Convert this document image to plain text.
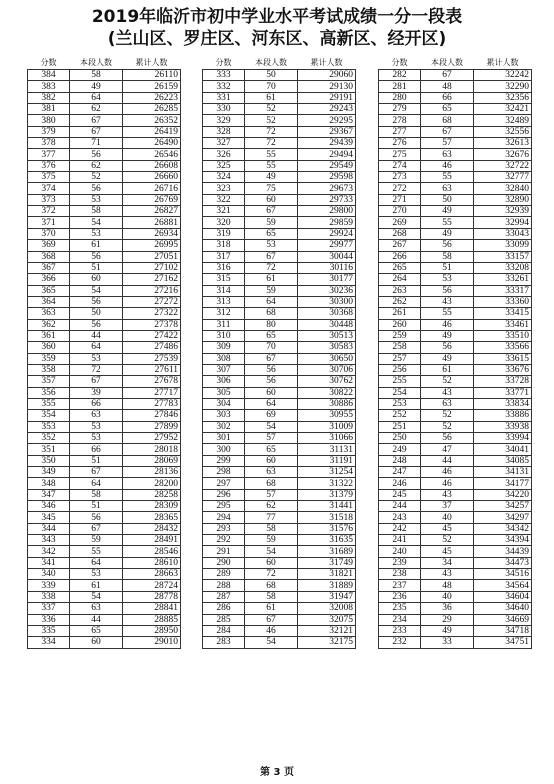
2019年临沂市初中学业水平考试成绩一分一段表
(兰山区、罗庄区、河东区、高新区、经开区)
分数	本段人数	累计人数
384	58	26110
383	49	26159
382	64	26223
381	62	26285
380	67	26352
379	67	26419
378	71	26490
377	56	26546
376	62	26608
375	52	26660
374	56	26716
373	53	26769
372	58	26827
371	54	26881
370	53	26934
369	61	26995
368	56	27051
367	51	27102
366	60	27162
365	54	27216
364	56	27272
363	50	27322
362	56	27378
361	44	27422
360	64	27486
359	53	27539
358	72	27611
357	67	27678
356	39	27717
355	66	27783
354	63	27846
353	53	27899
352	53	27952
351	66	28018
350	51	28069
349	67	28136
348	64	28200
347	58	28258
346	51	28309
345	56	28365
344	67	28432
343	59	28491
342	55	28546
341	64	28610
340	53	28663
339	61	28724
338	54	28778
337	63	28841
336	44	28885
335	65	28950
334	60	29010
分数	本段人数	累计人数
333	50	29060
332	70	29130
331	61	29191
330	52	29243
329	52	29295
328	72	29367
327	72	29439
326	55	29494
325	55	29549
324	49	29598
323	75	29673
322	60	29733
321	67	29800
320	59	29859
319	65	29924
318	53	29977
317	67	30044
316	72	30116
315	61	30177
314	59	30236
313	64	30300
312	68	30368
311	80	30448
310	65	30513
309	70	30583
308	67	30650
307	56	30706
306	56	30762
305	60	30822
304	64	30886
303	69	30955
302	54	31009
301	57	31066
300	65	31131
299	60	31191
298	63	31254
297	68	31322
296	57	31379
295	62	31441
294	77	31518
293	58	31576
292	59	31635
291	54	31689
290	60	31749
289	72	31821
288	68	31889
287	58	31947
286	61	32008
285	67	32075
284	46	32121
283	54	32175
分数	本段人数	累计人数
282	67	32242
281	48	32290
280	66	32356
279	65	32421
278	68	32489
277	67	32556
276	57	32613
275	63	32676
274	46	32722
273	55	32777
272	63	32840
271	50	32890
270	49	32939
269	55	32994
268	49	33043
267	56	33099
266	58	33157
265	51	33208
264	53	33261
263	56	33317
262	43	33360
261	55	33415
260	46	33461
259	49	33510
258	56	33566
257	49	33615
256	61	33676
255	52	33728
254	43	33771
253	63	33834
252	52	33886
251	52	33938
250	56	33994
249	47	34041
248	44	34085
247	46	34131
246	46	34177
245	43	34220
244	37	34257
243	40	34297
242	45	34342
241	52	34394
240	45	34439
239	34	34473
238	43	34516
237	48	34564
236	40	34604
235	36	34640
234	29	34669
233	49	34718
232	33	34751
第 3 页
